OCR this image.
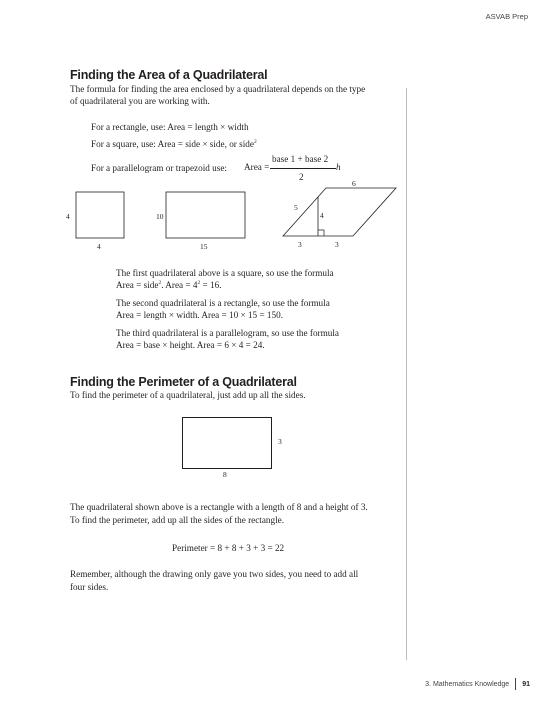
ASVAB Prep
Finding the Area of a Quadrilateral
The formula for finding the area enclosed by a quadrilateral depends on the type
of quadrilateral you are working with.
For a rectangle, use: Area = length × width
For a square, use: Area = side × side, or side$^2$
For a parallelogram or trapezoid use: Area =
base 1 + base 2
2
h
4
4
10
15
6
5
4
3	3
The first quadrilateral above is a square, so use the formula
Area = side$^2$. Area = $4^2 = 16$.
The second quadrilateral is a rectangle, so use the formula
Area = length × width. Area = 10 × 15 = 150.
The third quadrilateral is a parallelogram, so use the formula
Area = base × height. Area = 6 × 4 = 24.
Finding the Perimeter of a Quadrilateral
To find the perimeter of a quadrilateral, just add up all the sides.
3
8
The quadrilateral shown above is a rectangle with a length of 8 and a height of 3.
To find the perimeter, add up all the sides of the rectangle.
Perimeter = 8 + 8 + 3 + 3 = 22
Remember, although the drawing only gave you two sides, you need to add all
four sides.
3. Mathematics Knowledge 91
